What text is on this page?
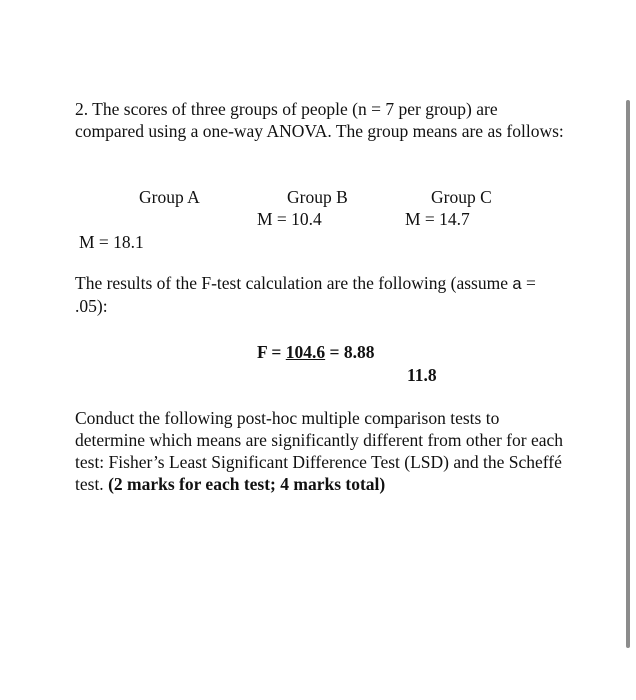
2. The scores of three groups of people (n = 7 per group) are compared using a one-way ANOVA. The group means are as follows:

Group A	Group B
M = 10.4
Group C
M = 14.7
M = 18.1

The results of the F-test calculation are the following (assume a = .05):

F = 104.6 = 8.88
11.8

Conduct the following post-hoc multiple comparison tests to determine which means are significantly different from other for each test: Fisher’s Least Significant Difference Test (LSD) and the Scheffé test. (2 marks for each test; 4 marks total)
